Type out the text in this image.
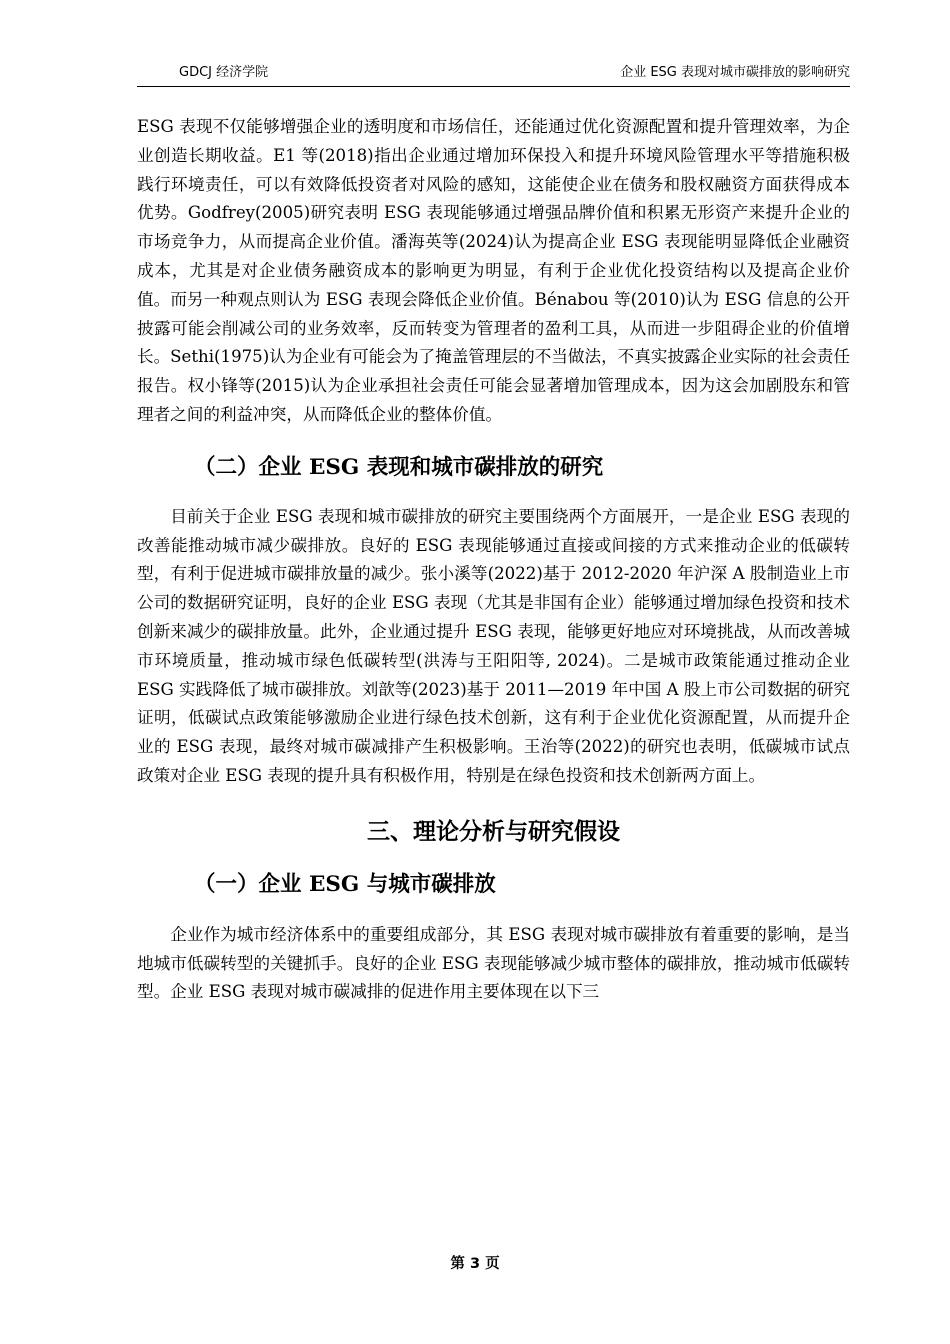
GDCJ 经济学院	企业 ESG 表现对城市碳排放的影响研究

ESG 表现不仅能够增强企业的透明度和市场信任，还能通过优化资源配置和提升管理效率，为企业创造长期收益。E1 等(2018)指出企业通过增加环保投入和提升环境风险管理水平等措施积极践行环境责任，可以有效降低投资者对风险的感知，这能使企业在债务和股权融资方面获得成本优势。Godfrey(2005)研究表明 ESG 表现能够通过增强品牌价值和积累无形资产来提升企业的市场竞争力，从而提高企业价值。潘海英等(2024)认为提高企业 ESG 表现能明显降低企业融资成本，尤其是对企业债务融资成本的影响更为明显，有利于企业优化投资结构以及提高企业价值。而另一种观点则认为 ESG 表现会降低企业价值。Bénabou 等(2010)认为 ESG 信息的公开披露可能会削减公司的业务效率，反而转变为管理者的盈利工具，从而进一步阻碍企业的价值增长。Sethi(1975)认为企业有可能会为了掩盖管理层的不当做法，不真实披露企业实际的社会责任报告。权小锋等(2015)认为企业承担社会责任可能会显著增加管理成本，因为这会加剧股东和管理者之间的利益冲突，从而降低企业的整体价值。

（二）企业 ESG 表现和城市碳排放的研究

目前关于企业 ESG 表现和城市碳排放的研究主要围绕两个方面展开，一是企业 ESG 表现的改善能推动城市减少碳排放。良好的 ESG 表现能够通过直接或间接的方式来推动企业的低碳转型，有利于促进城市碳排放量的减少。张小溪等(2022)基于 2012-2020 年沪深 A 股制造业上市公司的数据研究证明，良好的企业 ESG 表现（尤其是非国有企业）能够通过增加绿色投资和技术创新来减少的碳排放量。此外，企业通过提升 ESG 表现，能够更好地应对环境挑战，从而改善城市环境质量，推动城市绿色低碳转型(洪涛与王阳阳等, 2024)。二是城市政策能通过推动企业 ESG 实践降低了城市碳排放。刘歆等(2023)基于 2011—2019 年中国 A 股上市公司数据的研究证明，低碳试点政策能够激励企业进行绿色技术创新，这有利于企业优化资源配置，从而提升企业的 ESG 表现，最终对城市碳减排产生积极影响。王治等(2022)的研究也表明，低碳城市试点政策对企业 ESG 表现的提升具有积极作用，特别是在绿色投资和技术创新两方面上。

三、理论分析与研究假设
（一）企业 ESG 与城市碳排放

企业作为城市经济体系中的重要组成部分，其 ESG 表现对城市碳排放有着重要的影响，是当地城市低碳转型的关键抓手。良好的企业 ESG 表现能够减少城市整体的碳排放，推动城市低碳转型。企业 ESG 表现对城市碳减排的促进作用主要体现在以下三

第 3 页
